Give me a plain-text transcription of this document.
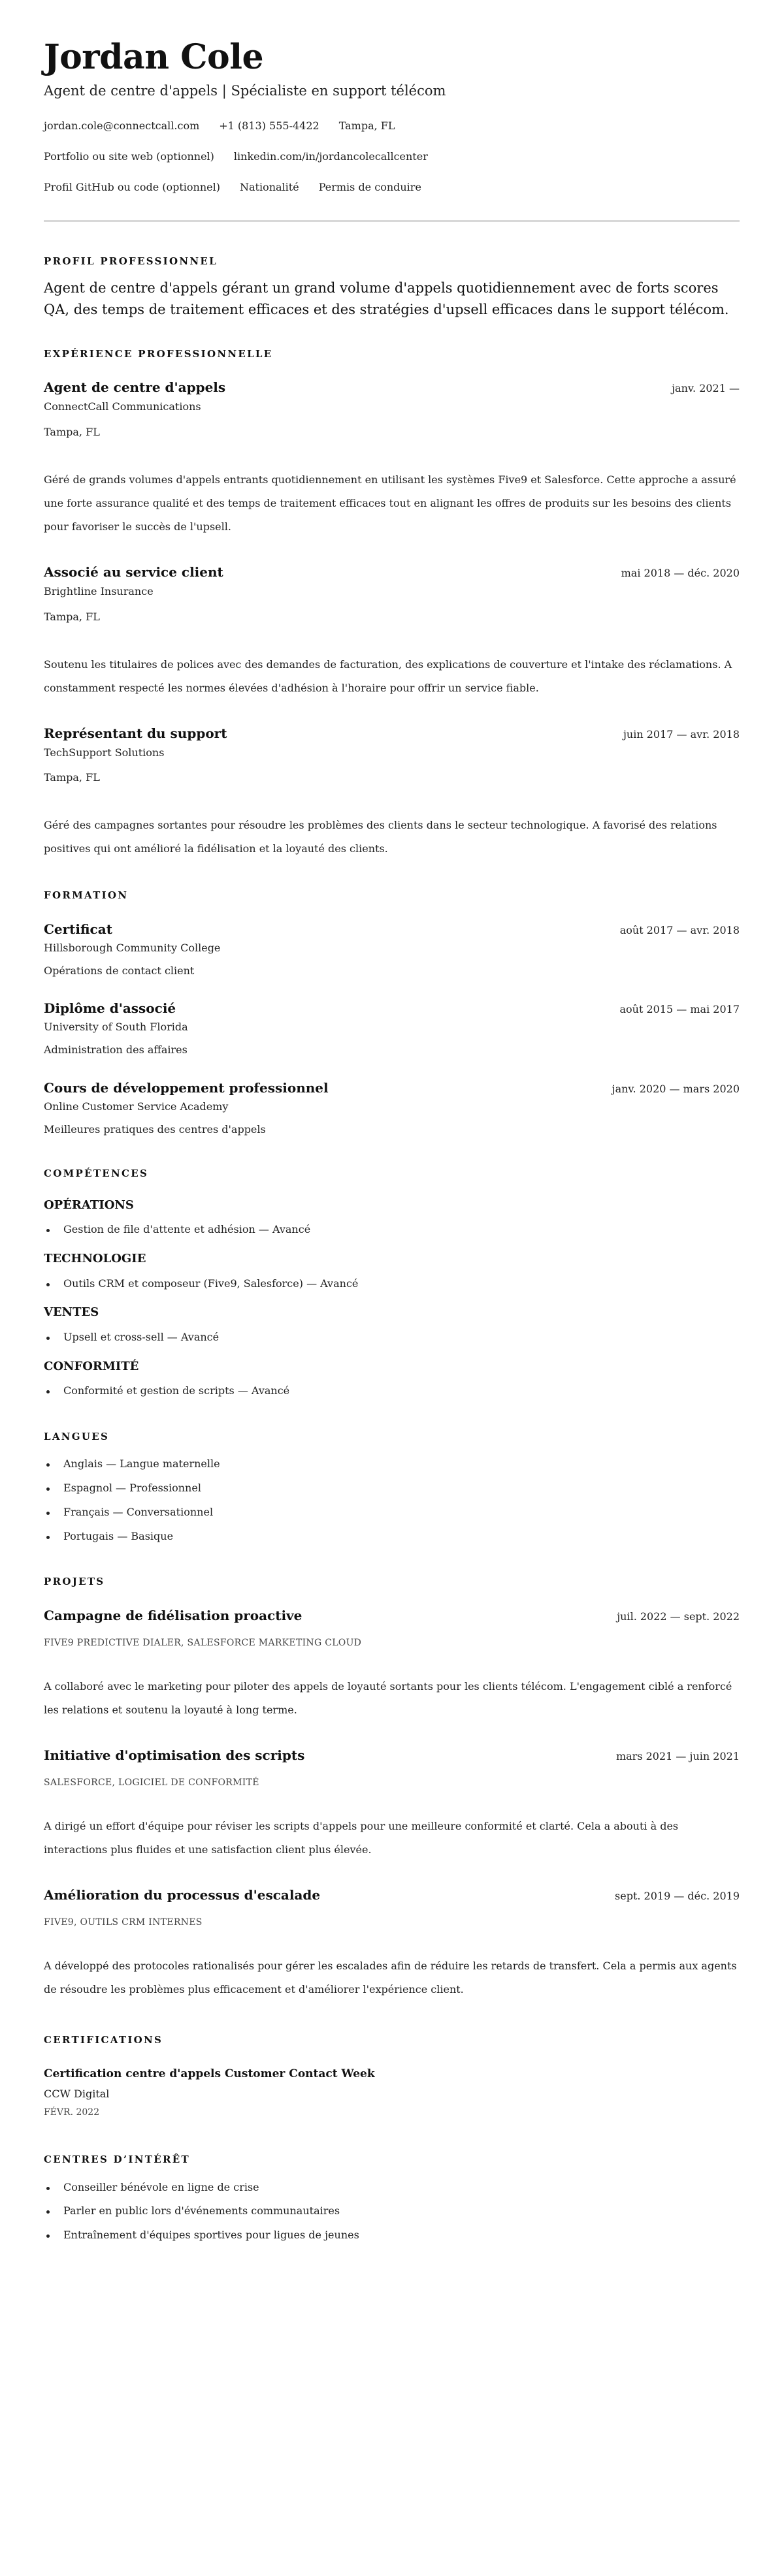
Jordan Cole
Agent de centre d'appels | Spécialiste en support télécom
jordan.cole@connectcall.com +1 (813) 555-4422 Tampa, FL
Portfolio ou site web (optionnel) linkedin.com/in/jordancolecallcenter
Profil GitHub ou code (optionnel) Nationalité Permis de conduire
PROFIL PROFESSIONNEL

Agent de centre d'appels gérant un grand volume d'appels quotidiennement avec de forts scores QA, des temps de traitement efficaces et des stratégies d'upsell efficaces dans le support télécom.

EXPÉRIENCE PROFESSIONNELLE
Agent de centre d'appels	janv. 2021 —
ConnectCall Communications
Tampa, FL

Géré de grands volumes d'appels entrants quotidiennement en utilisant les systèmes Five9 et Salesforce. Cette approche a assuré une forte assurance qualité et des temps de traitement efficaces tout en alignant les offres de produits sur les besoins des clients pour favoriser le succès de l'upsell.

Associé au service client	mai 2018 — déc. 2020
Brightline Insurance
Tampa, FL

Soutenu les titulaires de polices avec des demandes de facturation, des explications de couverture et l'intake des réclamations. A constamment respecté les normes élevées d'adhésion à l'horaire pour offrir un service fiable.

Représentant du support	juin 2017 — avr. 2018
TechSupport Solutions
Tampa, FL

Géré des campagnes sortantes pour résoudre les problèmes des clients dans le secteur technologique. A favorisé des relations positives qui ont amélioré la fidélisation et la loyauté des clients.

FORMATION
Certificat	août 2017 — avr. 2018
Hillsborough Community College
Opérations de contact client
Diplôme d'associé	août 2015 — mai 2017
University of South Florida
Administration des affaires
Cours de développement professionnel	janv. 2020 — mars 2020
Online Customer Service Academy
Meilleures pratiques des centres d'appels
COMPÉTENCES
OPÉRATIONS
Gestion de file d'attente et adhésion — Avancé
TECHNOLOGIE
Outils CRM et composeur (Five9, Salesforce) — Avancé
VENTES
Upsell et cross-sell — Avancé
CONFORMITÉ
Conformité et gestion de scripts — Avancé
LANGUES
Anglais — Langue maternelle
Espagnol — Professionnel
Français — Conversationnel
Portugais — Basique
PROJETS
Campagne de fidélisation proactive	juil. 2022 — sept. 2022
FIVE9 PREDICTIVE DIALER, SALESFORCE MARKETING CLOUD

A collaboré avec le marketing pour piloter des appels de loyauté sortants pour les clients télécom. L'engagement ciblé a renforcé les relations et soutenu la loyauté à long terme.

Initiative d'optimisation des scripts	mars 2021 — juin 2021
SALESFORCE, LOGICIEL DE CONFORMITÉ

A dirigé un effort d'équipe pour réviser les scripts d'appels pour une meilleure conformité et clarté. Cela a abouti à des interactions plus fluides et une satisfaction client plus élevée.

Amélioration du processus d'escalade	sept. 2019 — déc. 2019
FIVE9, OUTILS CRM INTERNES

A développé des protocoles rationalisés pour gérer les escalades afin de réduire les retards de transfert. Cela a permis aux agents de résoudre les problèmes plus efficacement et d'améliorer l'expérience client.

CERTIFICATIONS
Certification centre d'appels Customer Contact Week
CCW Digital
FÉVR. 2022
CENTRES D’INTÉRÊT
Conseiller bénévole en ligne de crise
Parler en public lors d'événements communautaires
Entraînement d'équipes sportives pour ligues de jeunes
